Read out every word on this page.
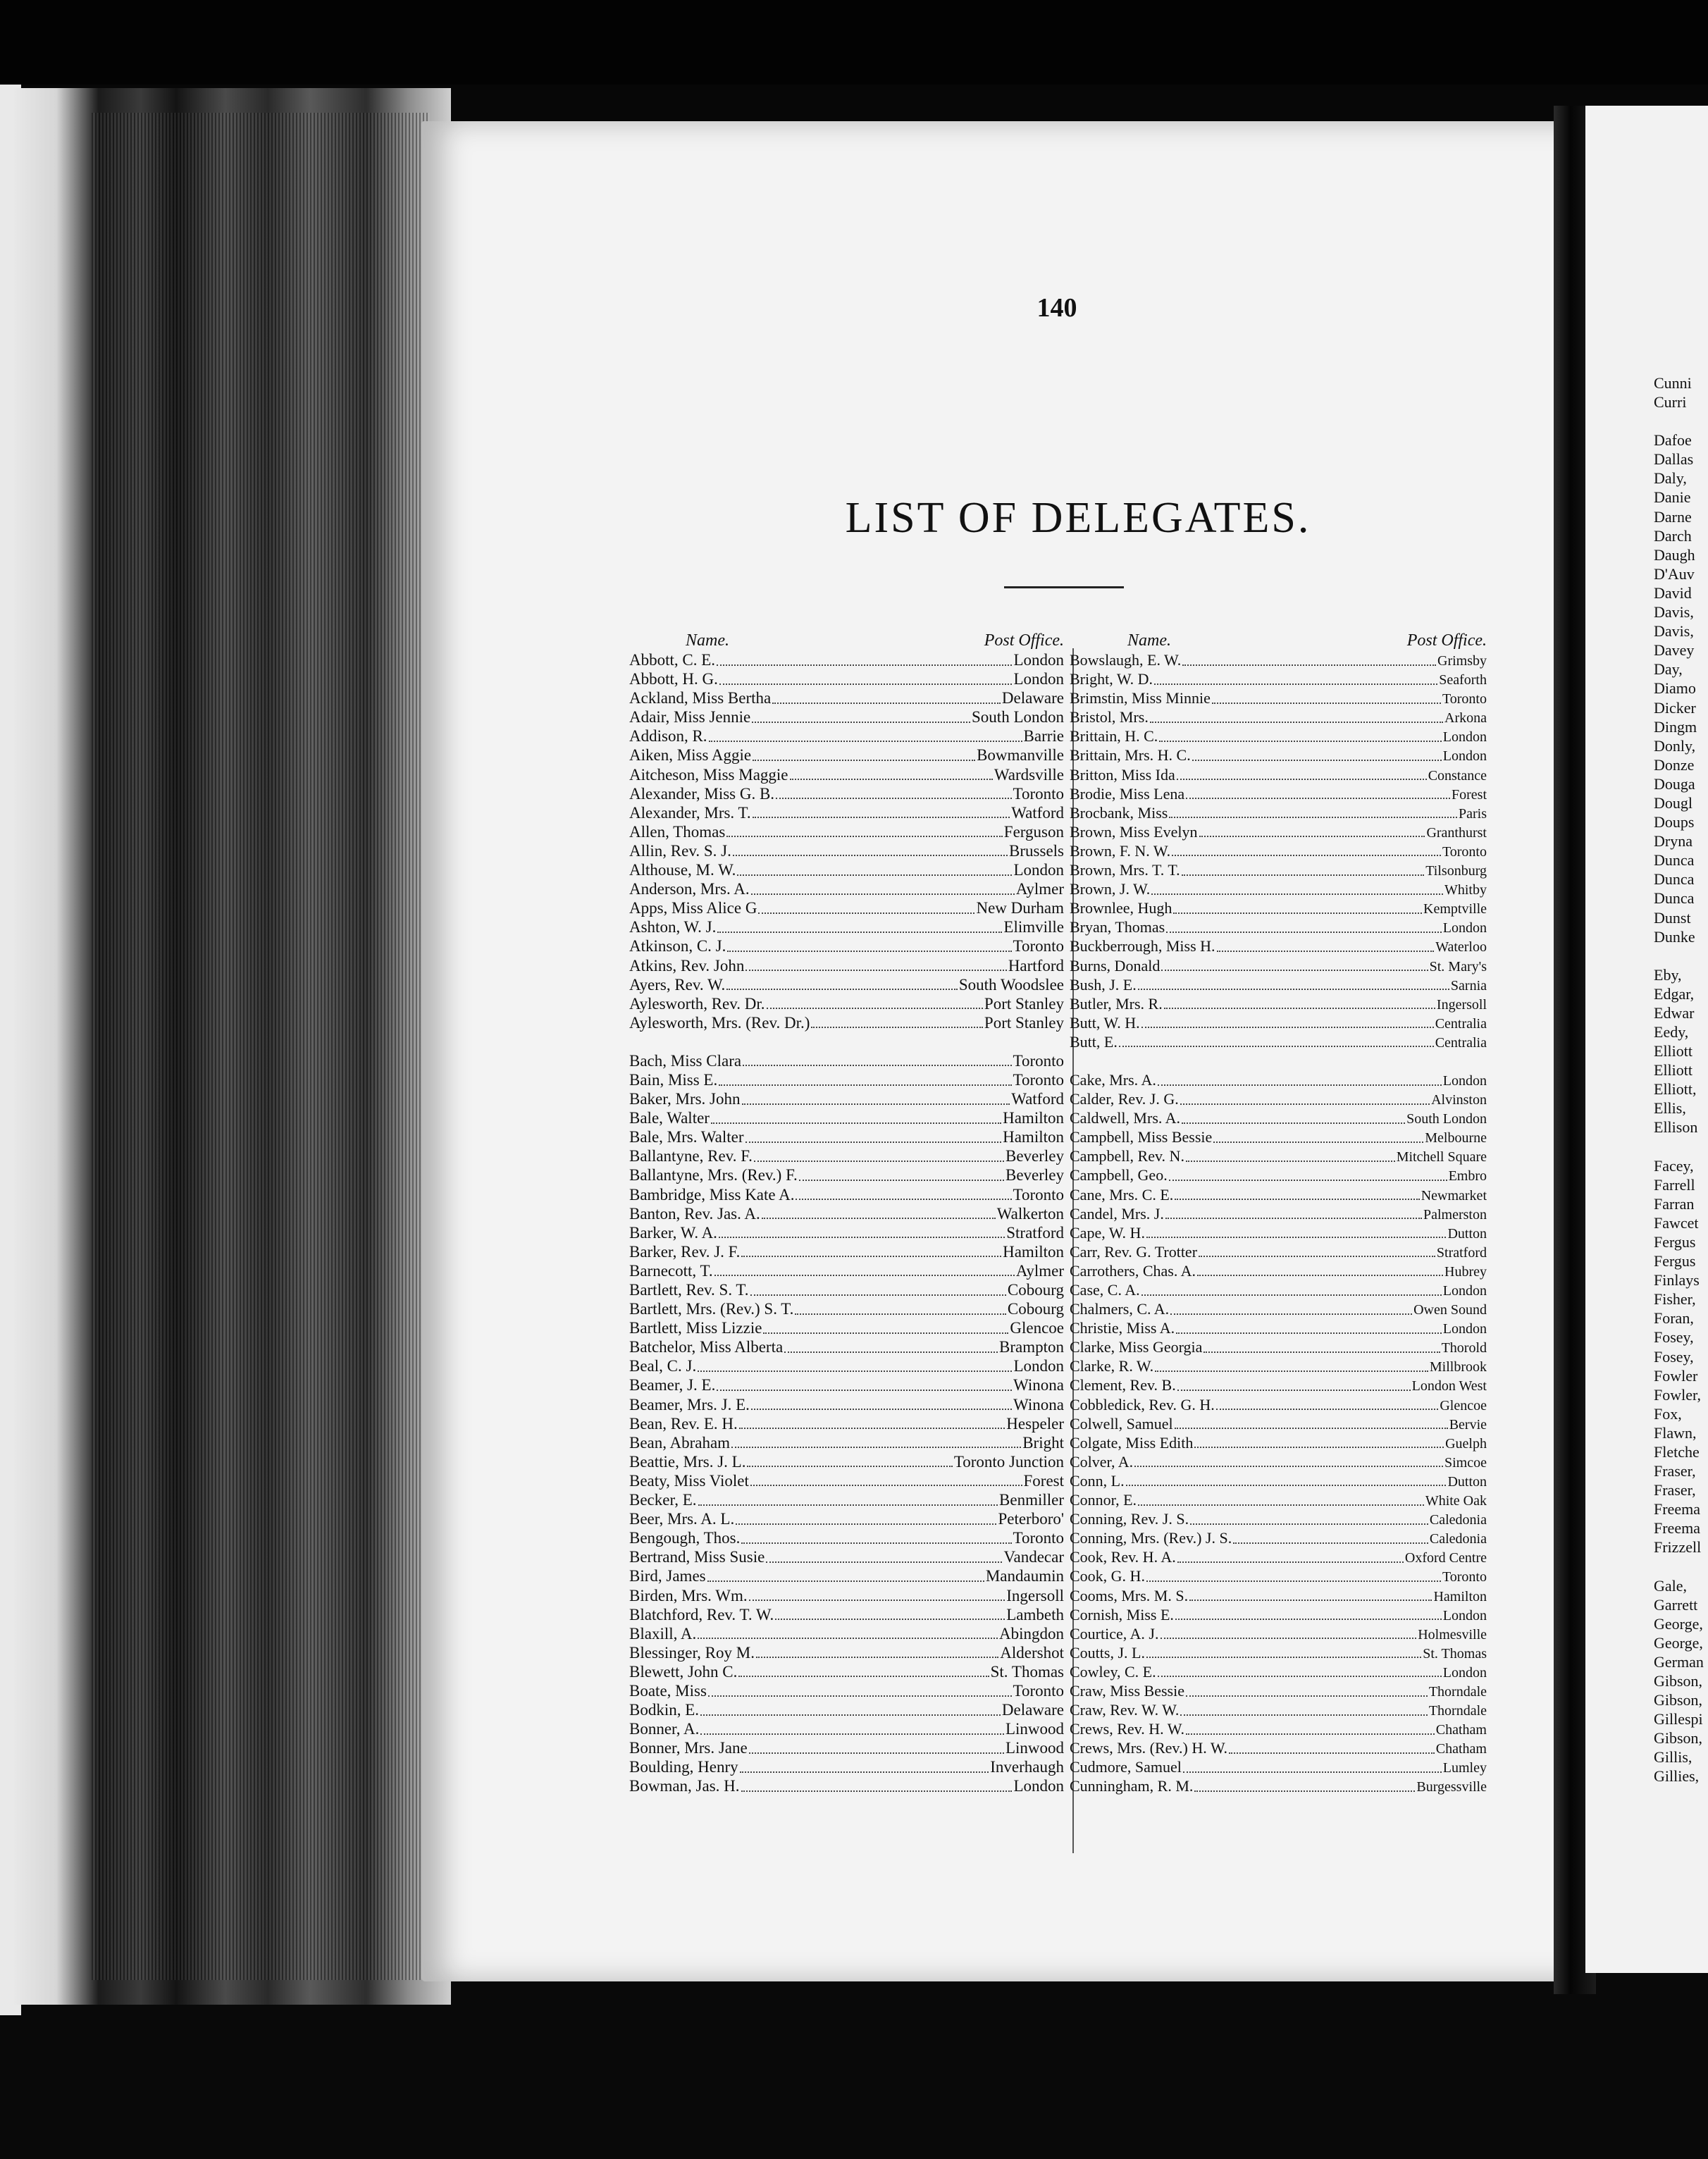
140
LIST OF DELEGATES.
Name.	Post Office.
Abbott, C. E.	London
Abbott, H. G.	London
Ackland, Miss Bertha	Delaware
Adair, Miss Jennie	South London
Addison, R.	Barrie
Aiken, Miss Aggie	Bowmanville
Aitcheson, Miss Maggie	Wardsville
Alexander, Miss G. B.	Toronto
Alexander, Mrs. T.	Watford
Allen, Thomas	Ferguson
Allin, Rev. S. J.	Brussels
Althouse, M. W.	London
Anderson, Mrs. A.	Aylmer
Apps, Miss Alice G	New Durham
Ashton, W. J.	Elimville
Atkinson, C. J.	Toronto
Atkins, Rev. John	Hartford
Ayers, Rev. W.	South Woodslee
Aylesworth, Rev. Dr.	Port Stanley
Aylesworth, Mrs. (Rev. Dr.)	Port Stanley
Bach, Miss Clara	Toronto
Bain, Miss E.	Toronto
Baker, Mrs. John	Watford
Bale, Walter	Hamilton
Bale, Mrs. Walter	Hamilton
Ballantyne, Rev. F.	Beverley
Ballantyne, Mrs. (Rev.) F.	Beverley
Bambridge, Miss Kate A.	Toronto
Banton, Rev. Jas. A.	Walkerton
Barker, W. A.	Stratford
Barker, Rev. J. F.	Hamilton
Barnecott, T.	Aylmer
Bartlett, Rev. S. T.	Cobourg
Bartlett, Mrs. (Rev.) S. T.	Cobourg
Bartlett, Miss Lizzie	Glencoe
Batchelor, Miss Alberta	Brampton
Beal, C. J.	London
Beamer, J. E.	Winona
Beamer, Mrs. J. E.	Winona
Bean, Rev. E. H.	Hespeler
Bean, Abraham	Bright
Beattie, Mrs. J. L.	Toronto Junction
Beaty, Miss Violet	Forest
Becker, E.	Benmiller
Beer, Mrs. A. L.	Peterboro'
Bengough, Thos.	Toronto
Bertrand, Miss Susie	Vandecar
Bird, James	Mandaumin
Birden, Mrs. Wm.	Ingersoll
Blatchford, Rev. T. W.	Lambeth
Blaxill, A.	Abingdon
Blessinger, Roy M.	Aldershot
Blewett, John C.	St. Thomas
Boate, Miss	Toronto
Bodkin, E.	Delaware
Bonner, A.	Linwood
Bonner, Mrs. Jane	Linwood
Boulding, Henry	Inverhaugh
Bowman, Jas. H.	London
Name.	Post Office.
Bowslaugh, E. W.	Grimsby
Bright, W. D.	Seaforth
Brimstin, Miss Minnie	Toronto
Bristol, Mrs.	Arkona
Brittain, H. C.	London
Brittain, Mrs. H. C.	London
Britton, Miss Ida	Constance
Brodie, Miss Lena	Forest
Brocbank, Miss	Paris
Brown, Miss Evelyn	Granthurst
Brown, F. N. W.	Toronto
Brown, Mrs. T. T.	Tilsonburg
Brown, J. W.	Whitby
Brownlee, Hugh	Kemptville
Bryan, Thomas	London
Buckberrough, Miss H.	Waterloo
Burns, Donald	St. Mary's
Bush, J. E.	Sarnia
Butler, Mrs. R.	Ingersoll
Butt, W. H.	Centralia
Butt, E.	Centralia
Cake, Mrs. A.	London
Calder, Rev. J. G.	Alvinston
Caldwell, Mrs. A.	South London
Campbell, Miss Bessie	Melbourne
Campbell, Rev. N.	Mitchell Square
Campbell, Geo.	Embro
Cane, Mrs. C. E.	Newmarket
Candel, Mrs. J.	Palmerston
Cape, W. H.	Dutton
Carr, Rev. G. Trotter	Stratford
Carrothers, Chas. A.	Hubrey
Case, C. A.	London
Chalmers, C. A.	Owen Sound
Christie, Miss A.	London
Clarke, Miss Georgia	Thorold
Clarke, R. W.	Millbrook
Clement, Rev. B.	London West
Cobbledick, Rev. G. H.	Glencoe
Colwell, Samuel	Bervie
Colgate, Miss Edith	Guelph
Colver, A.	Simcoe
Conn, L.	Dutton
Connor, E.	White Oak
Conning, Rev. J. S.	Caledonia
Conning, Mrs. (Rev.) J. S.	Caledonia
Cook, Rev. H. A.	Oxford Centre
Cook, G. H.	Toronto
Cooms, Mrs. M. S.	Hamilton
Cornish, Miss E.	London
Courtice, A. J.	Holmesville
Coutts, J. L.	St. Thomas
Cowley, C. E.	London
Craw, Miss Bessie	Thorndale
Craw, Rev. W. W.	Thorndale
Crews, Rev. H. W.	Chatham
Crews, Mrs. (Rev.) H. W.	Chatham
Cudmore, Samuel	Lumley
Cunningham, R. M.	Burgessville
Cunni
Curri
Dafoe
Dallas
Daly,
Danie
Darne
Darch
Daugh
D'Auv
David
Davis,
Davis,
Davey
Day,
Diamo
Dicker
Dingm
Donly,
Donze
Douga
Dougl
Doups
Dryna
Dunca
Dunca
Dunca
Dunst
Dunke
Eby,
Edgar,
Edwar
Eedy,
Elliott
Elliott
Elliott,
Ellis,
Ellison
Facey,
Farrell
Farran
Fawcet
Fergus
Fergus
Finlays
Fisher,
Foran,
Fosey,
Fosey,
Fowler
Fowler,
Fox,
Flawn,
Fletche
Fraser,
Fraser,
Freema
Freema
Frizzell
Gale,
Garrett
George,
George,
German
Gibson,
Gibson,
Gillespi
Gibson,
Gillis,
Gillies,
